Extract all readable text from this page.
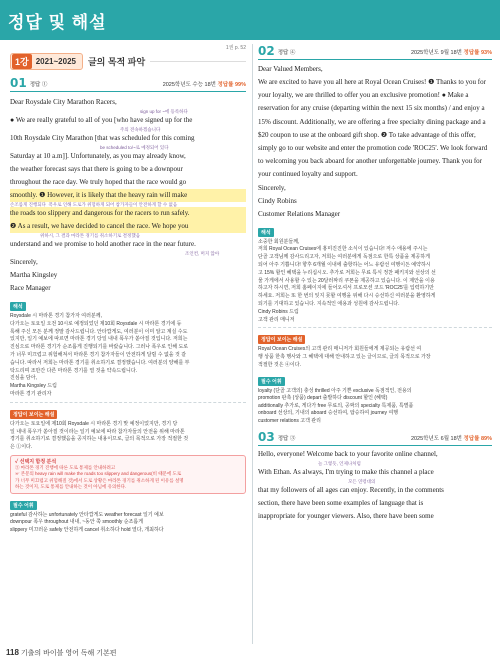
정답 및 해설
1권 p. 52
1강 2021~2025 글의 목적 파악
01 정답 ①	2025학년도 수능 18번 정답률 99%
Dear Roysdale City Marathon Racers,
sign up for ~에 등록하다
● We are really grateful to all of you [who have signed up for the
주의 전속하겠습니다
10th Roysdale City Marathon [that was scheduled for this coming
be scheduled to/~로 예정되어 있다
Saturday at 10 a.m]]. Unfortunately, as you may already know,
the weather forecast says that there is going to be a downpour
throughout the race day. We truly hoped that the race would go
smoothly. ❶ However, it is likely that the heavy rain will make
손조롭게 진행되다 폭우로 인해 도로가 위험하게 되어 참가자들이 안전하게 할 수 없음
the roads too slippery and dangerous for the racers to run safely.
❷ As a result, we have decided to cancel the race. We hope you
위하시, 그 결과 마라톤 경기를 취소하기로 결정했음
understand and we promise to hold another race in the near future.
조언컨, 머지 않아
Sincerely,
Martha Kingsley
Race Manager
해석
Roysdale 시 마라톤 경기 참가자 여러분께,
다가오는 토요일 오전 10시로 예정되었던 제10회 Roysdale 시 마라톤 경기에 등
록해 주신 모든 분께 정말 감사드립니다. 안타깝게도, 여러분이 이미 알고 계실 수도
있지만, 일기 예보에 따르면 마라톤 경기 당일 내내 폭우가 쏟아질 것입니다. 저희는
진심으로 마라톤 경기가 순조롭게 진행되기를 바랐습니다. 그러나 폭우로 인해 도로
가 너무 미끄럽고 위험해져서 마라톤 경기 참가자들이 안전하게 달릴 수 없을 것 같
습니다. 따라서 저희는 마라톤 경기를 취소하기로 결정했습니다. 여러분의 양해를 부
탁드리며 조만간 다른 마라톤 경기를 열 것을 약속드립니다.
진심을 담아,
Martha Kingsley 드림
마라톤 경기 관리자
정답이 보이는 해설
다가오는 토요일에 제10회 Roysdale 시 마라톤 경기 맞 예정이었지만, 경기 당
일 내내 폭우가 쏟아질 것이라는 일기 예보에 따라 참가자들의 안전을 위해 마라톤
경기를 취소하기로 결정했음을 공지하는 내용이므로, 글의 목적으로 가장 적절한 것
은 ①이다.
✓ 선택지 함정 분석
⑤ 마라톤 경기 진행에 따른 도로 통제를 안내하려고
☞ 본문의 heavy rain will make the roads too slippery and dangerous(비 때문에 도로
가 너무 미끄럽고 위험해질 것)에서 도로 상황은 마라톤 경기를 취소하게 된 이유를 설명
하는 것이지, 도로 통제를 안내하는 것이 아님에 유의한다.
필수 어휘
grateful 감사하는 unfortunately 안타깝게도 weather forecast 일기 예보
downpour 폭우 throughout 내내, ~동안 쭉 smoothly 순조롭게
slippery 미끄러운 safely 안전하게 cancel 취소하다 hold 열다, 개최하다
02 정답 ④	2025학년도 9월 18번 정답률 93%
Dear Valued Members,
We are excited to have you all here at Royal Ocean Cruises! ❶ Thanks to you for your loyalty, we are thrilled to offer you an exclusive promotion! ● Make a reservation for any cruise (departing within the next 15 six months) / and enjoy a 15% discount. Additionally, we are offering a free specialty dining package and a $20 coupon to use at the onboard gift shop. ❷ To take advantage of this offer, simply go to our website and enter the promotion code 'ROC25'. We look forward to welcoming you back aboard for another unforgettable journey. Thank you for your continued loyalty and support.
Sincerely,
Cindy Robins
Customer Relations Manager
해석
소중한 회원분들께,
저희 Royal Ocean Cruises에 홍미진진한 소식이 있습니다! 저수 애용에 주시는
단골 고객님께 감사드리고자, 저희는 여러분에게 독점으로 한특 상품을 제공하게
되어 아주 기쁩니다! 향후 6개월 이내에 출항하는 어느 유람선 여행이든 예약하시
고 15% 할인 혜택을 누리십시오. 추가로 저희는 무료 특식 정찬 패키지와 선상의 선
물 가게에서 사용할 수 있는 20달러짜리 쿠폰을 제공하고 있습니다. 이 제안을 이용
하고자 하시면, 저희 홈페이지에 들어오셔서 프로모션 코드 'ROC25'를 입력하기만
하세요. 저희는 또 한 번의 잊지 못할 여행을 위해 다시 승선하신 여러분을 환영하게
되기를 기대하고 있습니다. 지속적인 애용과 성원에 감사드립니다.
Cindy Robins 드림
고객 관리 매니저
정답이 보이는 해설
Royal Ocean Cruises의 고객 관리 매니저가 회원들에게 제공되는 유람선 여
행 상품 한촉 행사와 그 혜택에 대해 안내하고 있는 글이므로, 글의 목적으로 가장
적절한 것은 ④이다.
필수 어휘
loyalty (단골 고객의) 충성 thrilled 아주 기쁜 exclusive 독점적인, 전용의
promotion 판촉 (상품) depart 출발하다 discount 할인 (혜택)
additionally 추가로, 게다가 free 무료의, 공짜의 specialty 특제품, 특별품
onboard 선상의, 기내의 aboard 승선하여, 탑승하여 journey 여행
customer relations 고객 관리
03 정답 ③	2025학년도 6월 18번 정답률 89%
Hello, everyone! Welcome back to your favorite online channel,
늘 그렇듯, 언제나처럼
With Ethan. As always, I'm trying to make this channel a place
모든 연령대의
that my followers of all ages can enjoy. Recently, in the comments
section, there have been some examples of language that is
inappropriate for younger viewers. Also, there have been some
118 기출의 바이블 영어 독해 기본편
